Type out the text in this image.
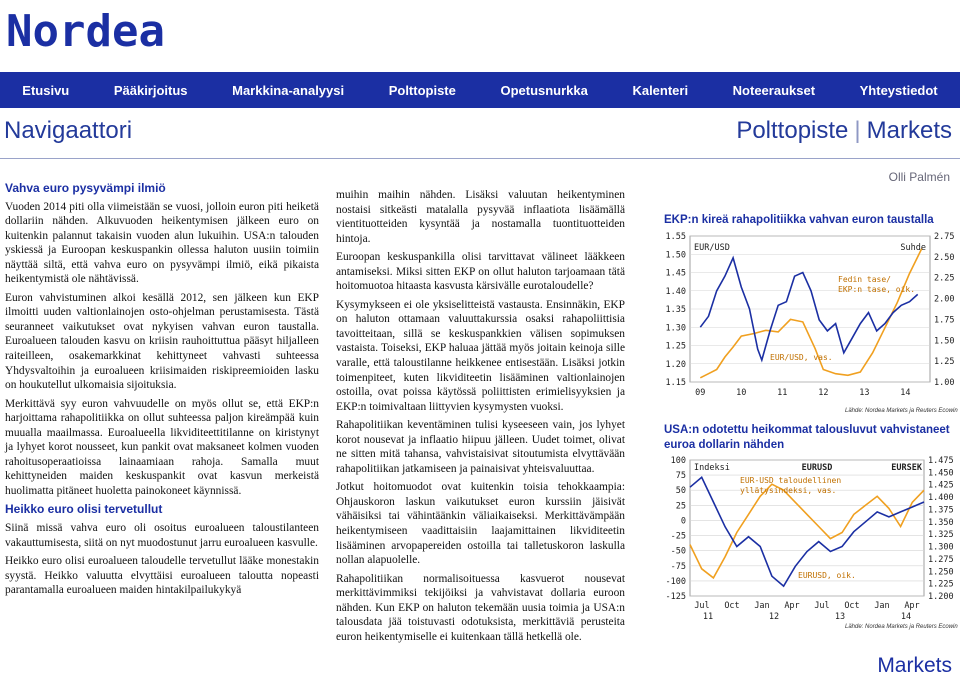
Nordea
Etusivu	Pääkirjoitus	Markkina-analyysi	Polttopiste	Opetusnurkka	Kalenteri	Noteeraukset	Yhteystiedot
Navigaattori	Polttopiste | Markets
Olli Palmén
Vahva euro pysyvämpi ilmiö

Vuoden 2014 piti olla viimeistään se vuosi, jolloin euron piti heiketä dollariin nähden. Alkuvuoden heikentymisen jälkeen euro on kuitenkin palannut takaisin vuoden alun lukuihin. USA:n talouden yskiessä ja Euroopan keskuspankin ollessa haluton uusiin toimiin näyttää siltä, että vahva euro on pysyvämpi ilmiö, eikä pikaista heikentymistä ole nähtävissä.

Euron vahvistuminen alkoi kesällä 2012, sen jälkeen kun EKP ilmoitti uuden valtionlainojen osto-ohjelman perustamisesta. Tästä seuranneet vaikutukset ovat nykyisen vahvan euron taustalla. Euroalueen talouden kasvu on kriisin rauhoittuttua pääsyt hiljalleen raiteilleen, osakemarkkinat kehittyneet vahvasti suhteessa Yhdysvaltoihin ja euroalueen kriisimaiden riskipreemioiden lasku on houkutellut ulkomaisia sijoituksia.

Merkittävä syy euron vahvuudelle on myös ollut se, että EKP:n harjoittama rahapolitiikka on ollut suhteessa paljon kireämpää kuin muualla maailmassa. Euroalueella likviditeettitilanne on kiristynyt ja lyhyet korot nousseet, kun pankit ovat maksaneet kolmen vuoden rahoitusoperaatioissa lainaamiaan rahoja. Samalla muut kehittyneiden maiden keskuspankit ovat kasvun merkeistä huolimatta pitäneet huoletta painokoneet käynnissä.

Heikko euro olisi tervetullut

Siinä missä vahva euro oli osoitus euroalueen taloustilanteen vakauttumisesta, siitä on nyt muodostunut jarru euroalueen kasvulle.

Heikko euro olisi euroalueen taloudelle tervetullut lääke monestakin syystä. Heikko valuutta elvyttäisi euroalueen taloutta nopeasti parantamalla euroalueen maiden hintakilpailukykyä

muihin maihin nähden. Lisäksi valuutan heikentyminen nostaisi sitkeästi matalalla pysyvää inflaatiota lisäämällä vientituotteiden kysyntää ja nostamalla tuontituotteiden hintoja.

Euroopan keskuspankilla olisi tarvittavat välineet lääkkeen antamiseksi. Miksi sitten EKP on ollut haluton tarjoamaan tätä hoitomuotoa hitaasta kasvusta kärsivälle eurotaloudelle?

Kysymykseen ei ole yksiselitteistä vastausta. Ensinnäkin, EKP on haluton ottamaan valuuttakurssia osaksi rahapoliittisia tavoitteitaan, sillä se keskuspankkien välisen sopimuksen vastaista. Toiseksi, EKP haluaa jättää myös joitain keinoja sille varalle, että taloustilanne heikkenee entisestään. Lisäksi jotkin toimenpiteet, kuten likviditeetin lisääminen valtionlainojen ostoilla, ovat poissa käytössä poliittisten erimielisyyksien ja EKP:n toimivaltaan liittyvien kysymysten vuoksi.

Rahapolitiikan keventäminen tulisi kyseeseen vain, jos lyhyet korot nousevat ja inflaatio hiipuu jälleen. Uudet toimet, olivat ne sitten mitä tahansa, vahvistaisivat sitoutumista elvyttävään rahapolitiikan jatkamiseen ja painaisivat yhteisvaluuttaa.

Jotkut hoitomuodot ovat kuitenkin toisia tehokkaampia: Ohjauskoron laskun vaikutukset euron kurssiin jäisivät vähäisiksi tai vähintäänkin väliaikaiseksi. Merkittävämpään heikentymiseen vaadittaisiin laajamittainen likviditeetin lisääminen arvopapereiden ostoilla tai talletuskoron laskulla nollan alapuolelle.

Rahapolitiikan normalisoituessa kasvuerot nousevat merkittävimmiksi tekijöiksi ja vahvistavat dollaria euroon nähden. Kun EKP on haluton tekemään uusia toimia ja USA:n talousdata jää toistuvasti odotuksista, merkittäviä perusteita euron heikentymiselle ei kuitenkaan tällä hetkellä ole.

EKP:n kireä rahapolitiikka vahvan euron taustalla
1.55
1.50
1.45
1.40
1.35
1.30
1.25
1.20
1.15
2.75
2.50
2.25
2.00
1.75
1.50
1.25
1.00
09	10	11	12	13	14
EUR/USD	Suhde
Fedin tase/
EKP:n tase, oik.
EUR/USD, vas.
Lähde: Nordea Markets ja Reuters Ecowin
USA:n odotettu heikommat talousluvut vahvistaneet euroa dollarin nähden
100
75
50
25
0
-25
-50
-75
-100
-125
1.475
1.450
1.425
1.400
1.375
1.350
1.325
1.300
1.275
1.250
1.225
1.200
Jul Oct Jan Apr Jul Oct Jan Apr
11	12	13	14
Indeksi	EURUSD	EURSEK
EUR-USD taloudellinen
yllätysindeksi, vas.
EURUSD, oik.
Lähde: Nordea Markets ja Reuters Ecowin
Markets
